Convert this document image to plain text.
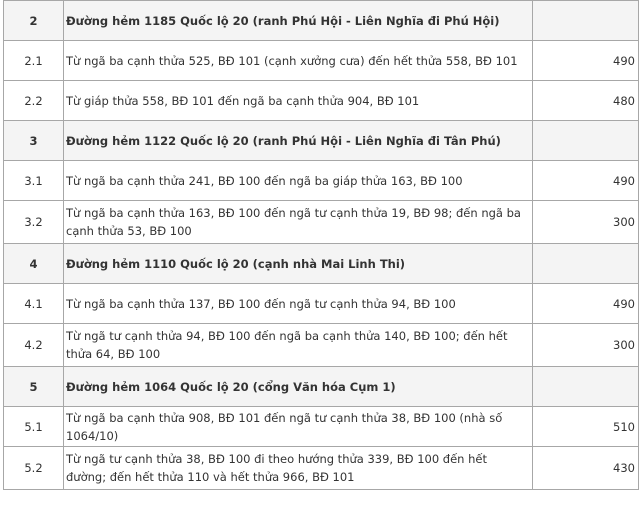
2	Đường hẻm 1185 Quốc lộ 20 (ranh Phú Hội - Liên Nghĩa đi Phú Hội)	
2.1	Từ ngã ba cạnh thửa 525, BĐ 101 (cạnh xưởng cưa) đến hết thửa 558, BĐ 101	490
2.2	Từ giáp thửa 558, BĐ 101 đến ngã ba cạnh thửa 904, BĐ 101	480
3	Đường hẻm 1122 Quốc lộ 20 (ranh Phú Hội - Liên Nghĩa đi Tân Phú)	
3.1	Từ ngã ba cạnh thửa 241, BĐ 100 đến ngã ba giáp thửa 163, BĐ 100	490
3.2	Từ ngã ba cạnh thửa 163, BĐ 100 đến ngã tư cạnh thửa 19, BĐ 98; đến ngã ba cạnh thửa 53, BĐ 100	300
4	Đường hẻm 1110 Quốc lộ 20 (cạnh nhà Mai Linh Thi)	
4.1	Từ ngã ba cạnh thửa 137, BĐ 100 đến ngã tư cạnh thửa 94, BĐ 100	490
4.2	Từ ngã tư cạnh thửa 94, BĐ 100 đến ngã ba cạnh thửa 140, BĐ 100; đến hết thửa 64, BĐ 100	300
5	Đường hẻm 1064 Quốc lộ 20 (cổng Văn hóa Cụm 1)	
5.1	Từ ngã ba cạnh thửa 908, BĐ 101 đến ngã tư cạnh thửa 38, BĐ 100 (nhà số 1064/10)	510
5.2	Từ ngã tư cạnh thửa 38, BĐ 100 đi theo hướng thửa 339, BĐ 100 đến hết đường; đến hết thửa 110 và hết thửa 966, BĐ 101	430
